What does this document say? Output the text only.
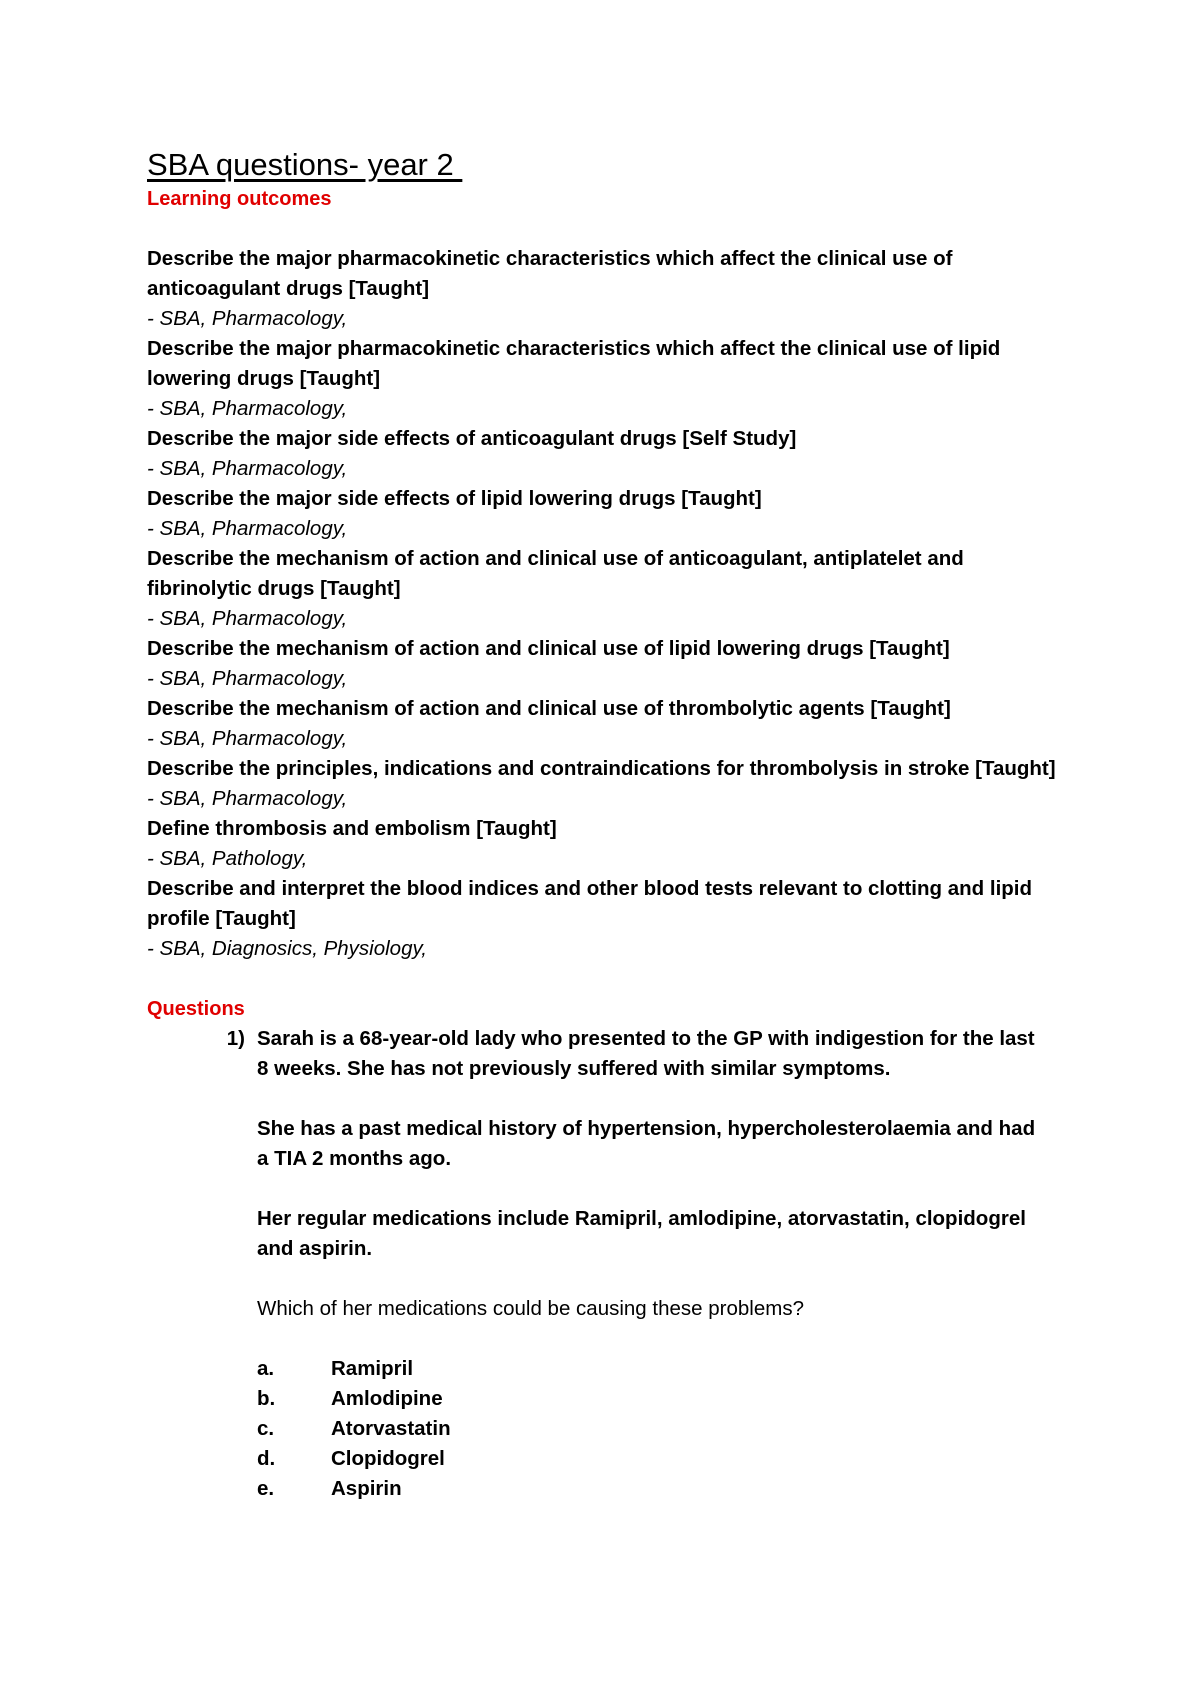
SBA questions- year 2
Learning outcomes

Describe the major pharmacokinetic characteristics which affect the clinical use of anticoagulant drugs [Taught]

- SBA, Pharmacology,

Describe the major pharmacokinetic characteristics which affect the clinical use of lipid lowering drugs [Taught]

- SBA, Pharmacology,

Describe the major side effects of anticoagulant drugs [Self Study]

- SBA, Pharmacology,

Describe the major side effects of lipid lowering drugs [Taught]

- SBA, Pharmacology,

Describe the mechanism of action and clinical use of anticoagulant, antiplatelet and fibrinolytic drugs [Taught]

- SBA, Pharmacology,

Describe the mechanism of action and clinical use of lipid lowering drugs [Taught]

- SBA, Pharmacology,

Describe the mechanism of action and clinical use of thrombolytic agents [Taught]

- SBA, Pharmacology,

Describe the principles, indications and contraindications for thrombolysis in stroke [Taught]

- SBA, Pharmacology,

Define thrombosis and embolism [Taught]

- SBA, Pathology,

Describe and interpret the blood indices and other blood tests relevant to clotting and lipid profile [Taught]

- SBA, Diagnosics, Physiology,

Questions
1) Sarah is a 68-year-old lady who presented to the GP with indigestion for the last 8 weeks. She has not previously suffered with similar symptoms.

She has a past medical history of hypertension, hypercholesterolaemia and had a TIA 2 months ago.

Her regular medications include Ramipril, amlodipine, atorvastatin, clopidogrel and aspirin.

Which of her medications could be causing these problems?

a.	Ramipril
b.	Amlodipine
c.	Atorvastatin
d.	Clopidogrel
e.	Aspirin
